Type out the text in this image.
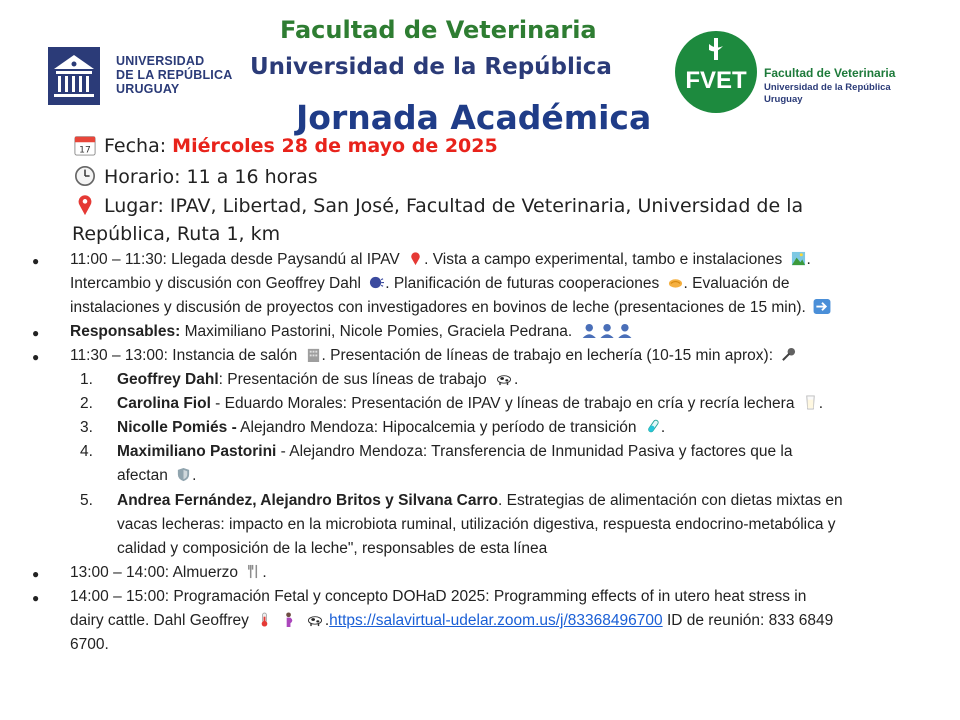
UNIVERSIDAD
DE LA REPÚBLICA
URUGUAY
Facultad de Veterinaria
Universidad de la República
Jornada Académica
FVET Facultad de Veterinaria
Universidad de la República
Uruguay
17 Fecha: Miércoles 28 de mayo de 2025
Horario: 11 a 16 horas
Lugar: IPAV, Libertad, San José, Facultad de Veterinaria, Universidad de la
República, Ruta 1, km
● 11:00 – 11:30: Llegada desde Paysandú al IPAV . Vista a campo experimental, tambo e instalaciones .
Intercambio y discusión con Geoffrey Dahl . Planificación de futuras cooperaciones . Evaluación de
instalaciones y discusión de proyectos con investigadores en bovinos de leche (presentaciones de 15 min).
● Responsables: Maximiliano Pastorini, Nicole Pomies, Graciela Pedrana.
● 11:30 – 13:00: Instancia de salón . Presentación de líneas de trabajo en lechería (10-15 min aprox):
1. Geoffrey Dahl: Presentación de sus líneas de trabajo .
2. Carolina Fiol - Eduardo Morales: Presentación de IPAV y líneas de trabajo en cría y recría lechera .
3. Nicolle Pomiés - Alejandro Mendoza: Hipocalcemia y período de transición .
4. Maximiliano Pastorini - Alejandro Mendoza: Transferencia de Inmunidad Pasiva y factores que la
afectan .
5. Andrea Fernández, Alejandro Britos y Silvana Carro. Estrategias de alimentación con dietas mixtas en
vacas lecheras: impacto en la microbiota ruminal, utilización digestiva, respuesta endocrino-metabólica y
calidad y composición de la leche", responsables de esta línea
● 13:00 – 14:00: Almuerzo .
● 14:00 – 15:00: Programación Fetal y concepto DOHaD 2025: Programming effects of in utero heat stress in
dairy cattle. Dahl Geoffrey	.https://salavirtual-udelar.zoom.us/j/83368496700 ID de reunión: 833 6849
6700.
